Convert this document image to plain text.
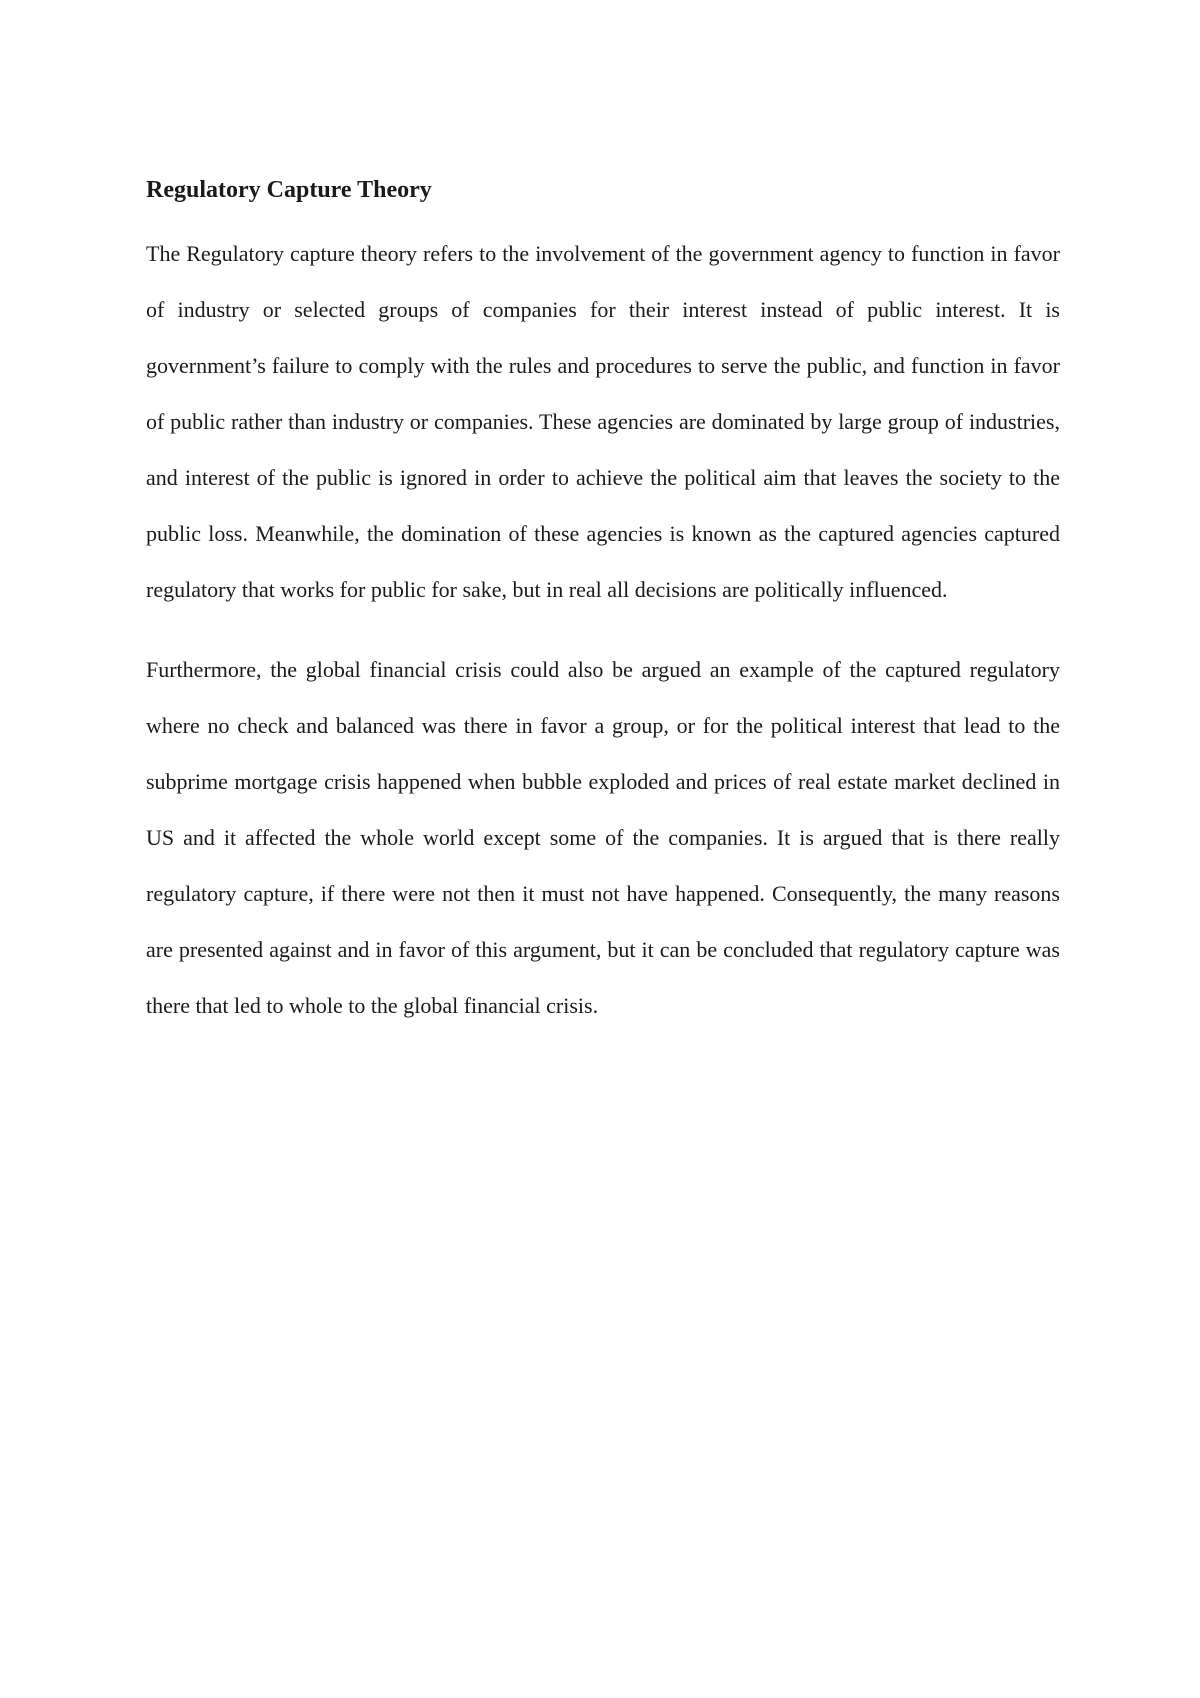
Regulatory Capture Theory

The Regulatory capture theory refers to the involvement of the government agency to function in favor of industry or selected groups of companies for their interest instead of public interest. It is government’s failure to comply with the rules and procedures to serve the public, and function in favor of public rather than industry or companies. These agencies are dominated by large group of industries, and interest of the public is ignored in order to achieve the political aim that leaves the society to the public loss. Meanwhile, the domination of these agencies is known as the captured agencies captured regulatory that works for public for sake, but in real all decisions are politically influenced.

Furthermore, the global financial crisis could also be argued an example of the captured regulatory where no check and balanced was there in favor a group, or for the political interest that lead to the subprime mortgage crisis happened when bubble exploded and prices of real estate market declined in US and it affected the whole world except some of the companies. It is argued that is there really regulatory capture, if there were not then it must not have happened. Consequently, the many reasons are presented against and in favor of this argument, but it can be concluded that regulatory capture was there that led to whole to the global financial crisis.
